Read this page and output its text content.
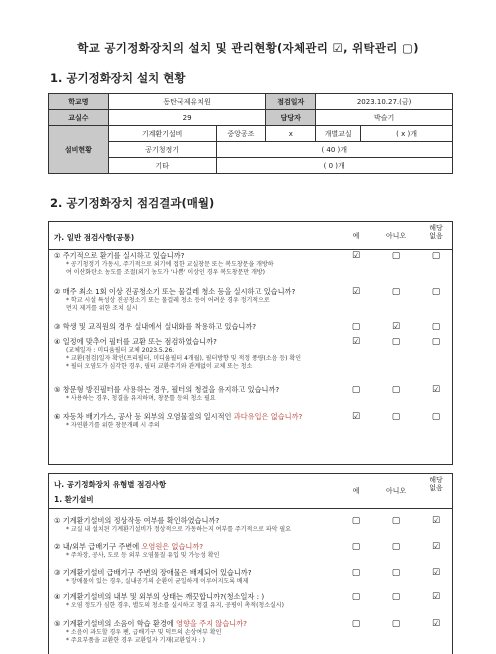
학교 공기정화장치의 설치 및 관리현황(자체관리 ☑, 위탁관리 ▢)
1. 공기정화장치 설치 현황
학교명	동탄국제유치원		점검일자	2023.10.27.(금)	
교실수	29		담당자	박슬기	
설비현황	기계환기설비	중앙공조	x	개별교실	( x )개
	공기청정기	( 40 )개			
	기타	( 0 )개			
2. 공기정화장치 점검결과(매월)
가. 일반 점검사항(공통)	예	아니오
해당
없음
① 주기적으로 환기를 실시하고 있습니까?
* 공기청정기 가동시, 주기적으로 외기에 접한 교실창문 또는 복도창문을 개방하
여 이산화탄소 농도를 조절(외기 농도가 '나쁨' 이상인 경우 복도창문만 개방)
☑	▢	▢
② 매주 최소 1회 이상 진공청소기 또는 물걸레 청소 등을 실시하고 있습니까?
* 학교 시설 특성상 진공청소기 또는 물걸레 청소 등이 어려운 경우 정기적으로
먼지 제거를 위한 조치 실시
☑	▢	▢
③ 학생 및 교직원의 경우 실내에서 실내화를 착용하고 있습니까?	▢	☑	▢
④ 일정에 맞추어 필터를 교환 또는 점검하였습니까?
(교체일자 : 미디움필터 교체 2023.5.26.
* 교환(점검)일자 확인(프리필터, 미디움필터 4개월), 필터방향 및 적정 풍량(소음 등) 확인
* 필터 오염도가 심각한 경우, 필터 교환주기와 관계없이 교체 또는 청소
☑	▢	▢
⑤ 창문형 방진필터를 사용하는 경우, 필터의 청결을 유지하고 있습니까?
* 사용하는 경우, 청결을 유지하며, 창문틀 등의 청소 필요
▢	▢	☑
⑥ 자동차 배기가스, 공사 등 외부의 오염물질의 일시적인 과다유입은 없습니까?
* 자연환기를 위한 창문개폐 시 주의
☑	▢	▢
나. 공기정화장치 유형별 점검사항
1. 환기설비
예	아니오
해당
없음
① 기계환기설비의 정상작동 여부를 확인하였습니까?
* 교실 내 설치된 기계환기설비가 정상적으로 가동하는지 여부를 주기적으로 파악 필요
▢	▢	☑
② 내/외부 급배기구 주변에 오염원은 없습니까?
* 주차장, 공사, 도로 등 외부 오염물질 유입 및 가능성 확인
▢	▢	☑
③ 기계환기설비 급배기구 주변의 장애물은 배제되어 있습니까?
* 장애물이 있는 경우, 실내공기의 순환이 균일하게 이루어지도록 배제
▢	▢	☑
④ 기계환기설비의 내부 및 외부의 상태는 깨끗합니까?(청소일자 : )
* 오염 정도가 심한 경우, 별도의 청소를 실시하고 청결 유지, 공평이 촉적(청소실시)
▢	▢	☑
⑤ 기계환기설비의 소음이 학습 환경에 영향을 주지 않습니까?
* 소음이 과도할 경우 팬, 급배기구 및 덕트의 손상여부 확인
* 주요부품을 교환한 경우 교환일자 기재(교환일자 : )
▢	▢	☑
